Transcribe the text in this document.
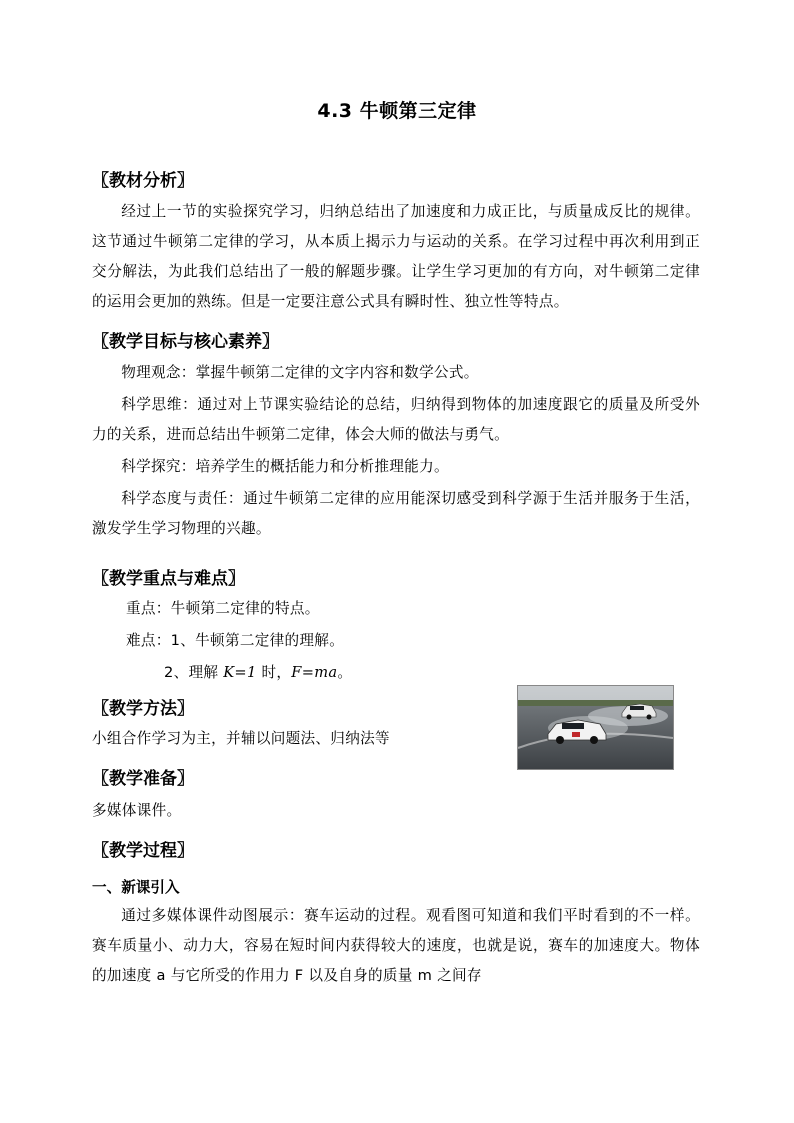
4.3 牛顿第三定律
〖教材分析〗
经过上一节的实验探究学习，归纳总结出了加速度和力成正比，与质量成反比的规律。这节通过牛顿第二定律的学习，从本质上揭示力与运动的关系。在学习过程中再次利用到正交分解法，为此我们总结出了一般的解题步骤。让学生学习更加的有方向，对牛顿第二定律的运用会更加的熟练。但是一定要注意公式具有瞬时性、独立性等特点。
〖教学目标与核心素养〗
物理观念：掌握牛顿第二定律的文字内容和数学公式。
科学思维：通过对上节课实验结论的总结，归纳得到物体的加速度跟它的质量及所受外力的关系，进而总结出牛顿第二定律，体会大师的做法与勇气。
科学探究：培养学生的概括能力和分析推理能力。
科学态度与责任：通过牛顿第二定律的应用能深切感受到科学源于生活并服务于生活，激发学生学习物理的兴趣。
〖教学重点与难点〗
重点：牛顿第二定律的特点。
难点：1、牛顿第二定律的理解。
2、理解 K=1 时，F=ma。
〖教学方法〗
小组合作学习为主，并辅以问题法、归纳法等
〖教学准备〗
多媒体课件。
〖教学过程〗
一、新课引入
通过多媒体课件动图展示：赛车运动的过程。观看图可知道和我们平时看到的不一样。赛车质量小、动力大，容易在短时间内获得较大的速度，也就是说，赛车的加速度大。物体的加速度 a 与它所受的作用力 F 以及自身的质量 m 之间存
